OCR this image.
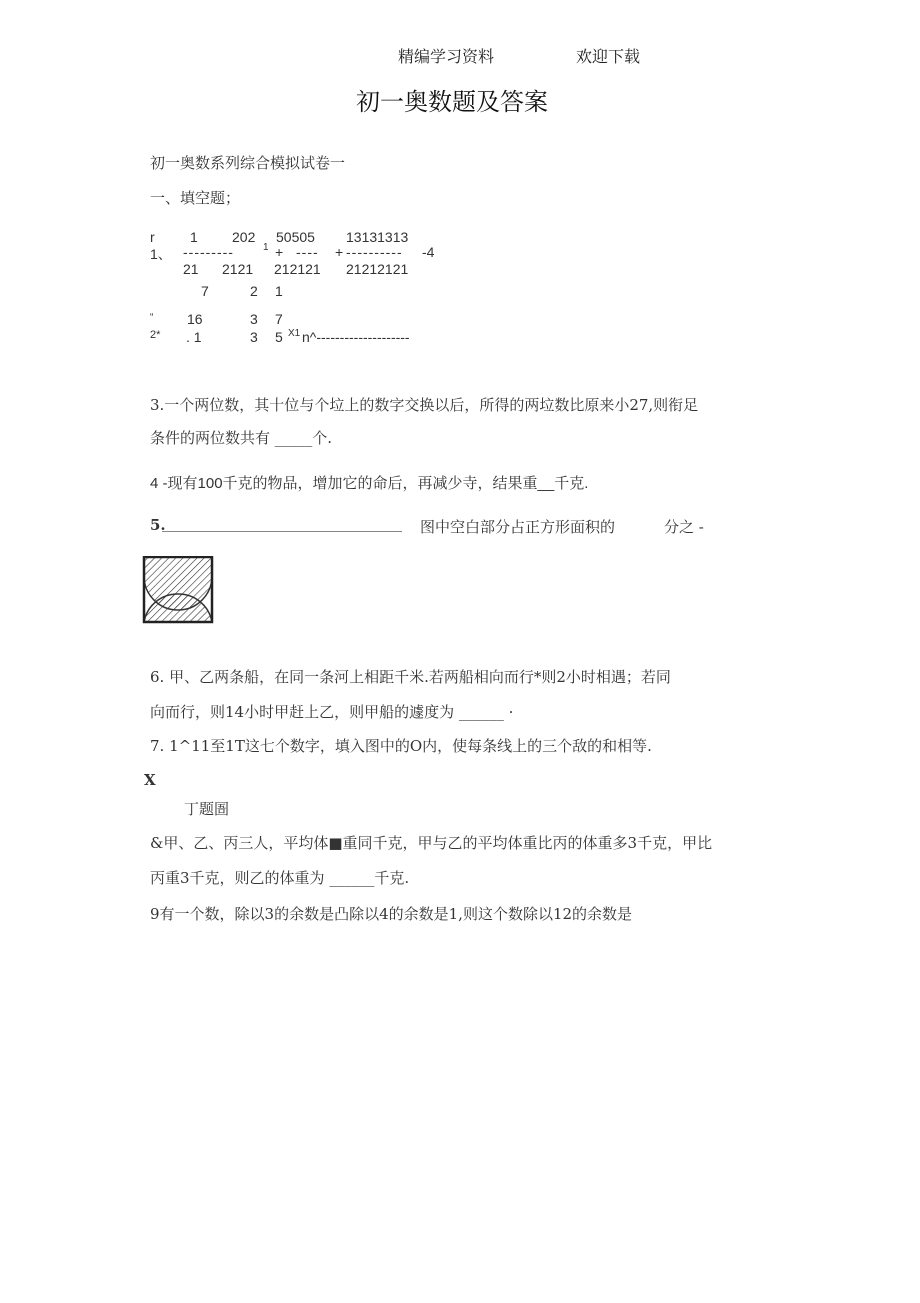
精编学习资料	欢迎下载
初一奥数题及答案
初一奥数系列综合模拟试卷一
一、填空题；
r	1 202 50505 13131313
1、 ---------	1 + ---- + ---------- -4
21 2121 212121 21212121
7	2 1
“ 16	3 7
2* . 1	3 5 X1 n^--------------------
3.一个两位数，其十位与个垃上的数字交换以后，所得的两垃数比原来小27,则衔足
条件的两位数共有 _____个.
4 -现有100千克的物品，增加它的命后，再减少寺，结果重__千克.
5.
________________________________	图中空白部分占正方形面积的	分之 -
6. 甲、乙两条船，在同一条河上相距千米.若两船相向而行*则2小时相遇；若同
向而行，则14小时甲赶上乙，则甲船的遽度为 ______ ·
7. 1^11至1T这七个数字，填入图中的O内，使每条线上的三个敌的和相等.
X
丁题圄
&甲、乙、丙三人，平均体■重同千克，甲与乙的平均体重比丙的体重多3千克，甲比
丙重3千克，则乙的体重为 ______千克.
9有一个数，除以3的余数是凸除以4的余数是1,则这个数除以12的余数是
